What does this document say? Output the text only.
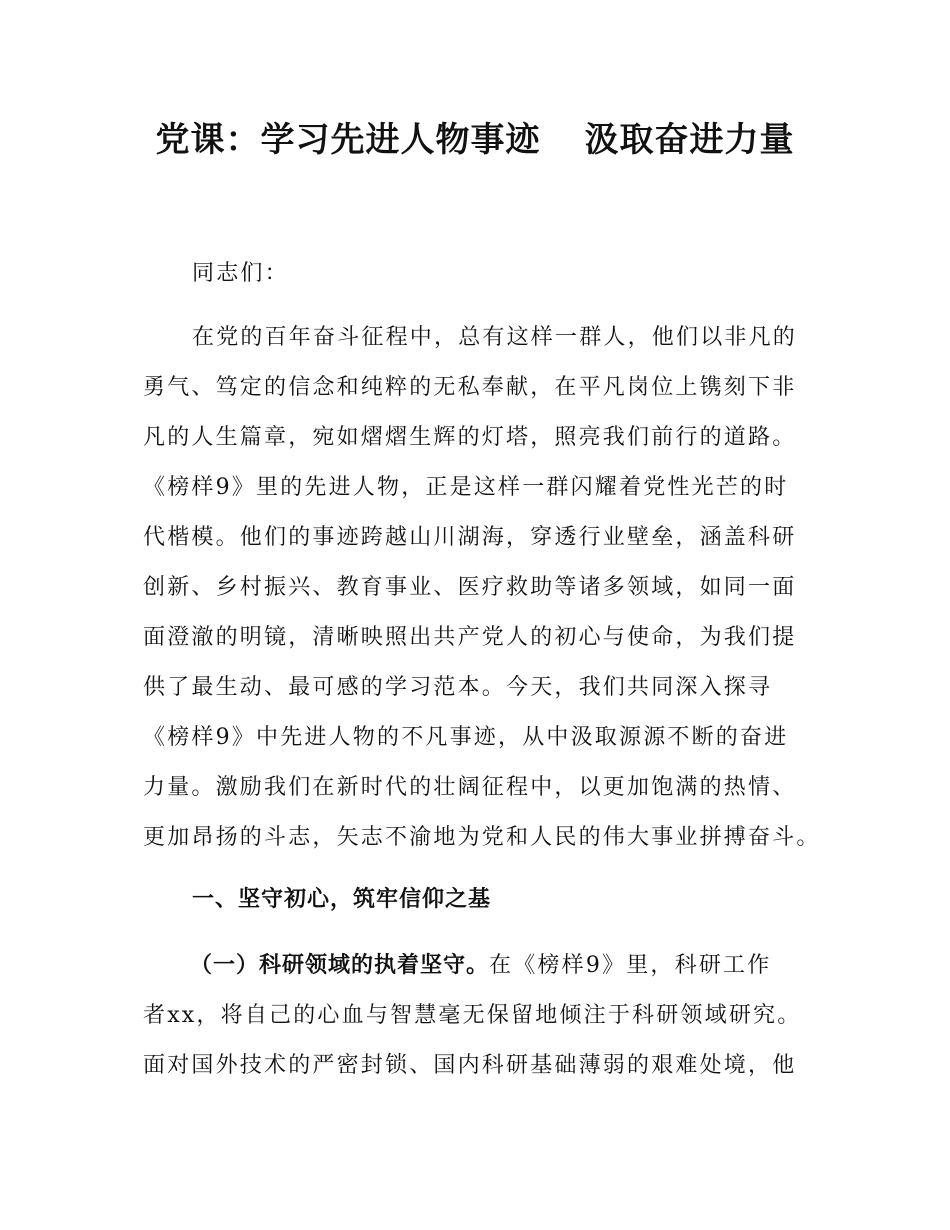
党课：学习先进人物事迹 汲取奋进力量
同志们：
在党的百年奋斗征程中，总有这样一群人，他们以非凡的
勇气、笃定的信念和纯粹的无私奉献，在平凡岗位上镌刻下非
凡的人生篇章，宛如熠熠生辉的灯塔，照亮我们前行的道路。
《榜样9》里的先进人物，正是这样一群闪耀着党性光芒的时
代楷模。他们的事迹跨越山川湖海，穿透行业壁垒，涵盖科研
创新、乡村振兴、教育事业、医疗救助等诸多领域，如同一面
面澄澈的明镜，清晰映照出共产党人的初心与使命，为我们提
供了最生动、最可感的学习范本。今天，我们共同深入探寻
《榜样9》中先进人物的不凡事迹，从中汲取源源不断的奋进
力量。激励我们在新时代的壮阔征程中，以更加饱满的热情、
更加昂扬的斗志，矢志不渝地为党和人民的伟大事业拼搏奋斗。
一、坚守初心，筑牢信仰之基
（一）科研领域的执着坚守。在《榜样9》里，科研工作
者xx，将自己的心血与智慧毫无保留地倾注于科研领域研究。
面对国外技术的严密封锁、国内科研基础薄弱的艰难处境，他
